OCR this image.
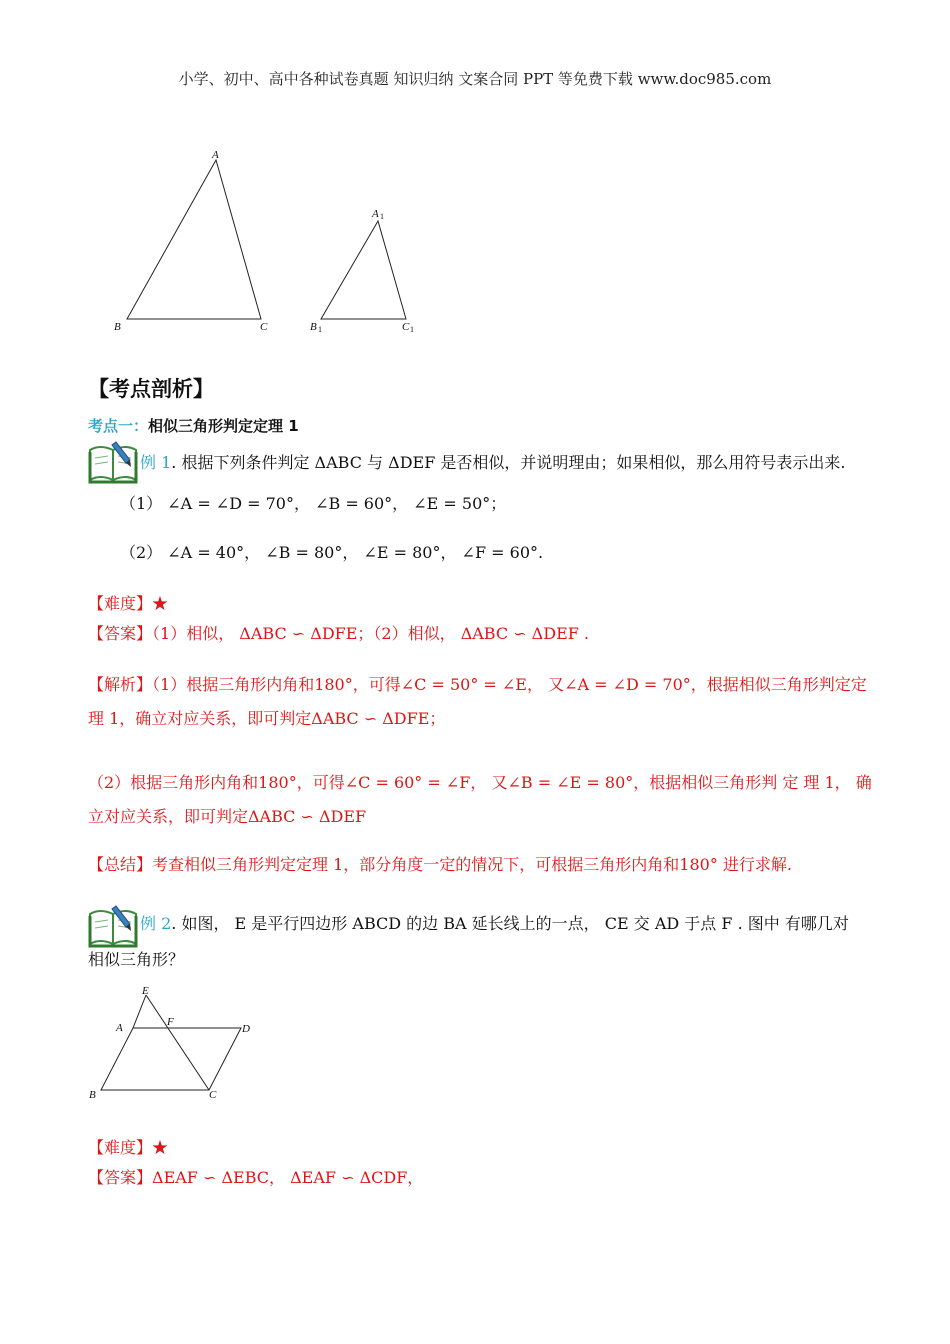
小学、初中、高中各种试卷真题 知识归纳 文案合同 PPT 等免费下载 www.doc985.com
A
B	C
A 1
B 1	C 1
【考点剖析】
考点一：相似三角形判定定理 1
例 1. 根据下列条件判定 ΔABC 与 ΔDEF 是否相似，并说明理由；如果相似，那么用符号表示出来.
（1） ∠A = ∠D = 70°， ∠B = 60°， ∠E = 50°；
（2） ∠A = 40°， ∠B = 80°， ∠E = 80°， ∠F = 60°.
【难度】★
【答案】（1）相似， ΔABC ∽ ΔDFE；（2）相似， ΔABC ∽ ΔDEF .
【解析】（1）根据三角形内角和180°，可得∠C = 50° = ∠E， 又∠A = ∠D = 70°，根据相似三角形判定定
理 1，确立对应关系，即可判定ΔABC ∽ ΔDFE；
（2）根据三角形内角和180°，可得∠C = 60° = ∠F， 又∠B = ∠E = 80°，根据相似三角形判 定 理 1， 确
立对应关系，即可判定ΔABC ∽ ΔDEF
【总结】考查相似三角形判定定理 1，部分角度一定的情况下，可根据三角形内角和180° 进行求解.
例 2. 如图， E 是平行四边形 ABCD 的边 BA 延长线上的一点， CE 交 AD 于点 F . 图中 有哪几对
相似三角形？
E
A	F
D
B	C
【难度】★
【答案】ΔEAF ∽ ΔEBC， ΔEAF ∽ ΔCDF，
